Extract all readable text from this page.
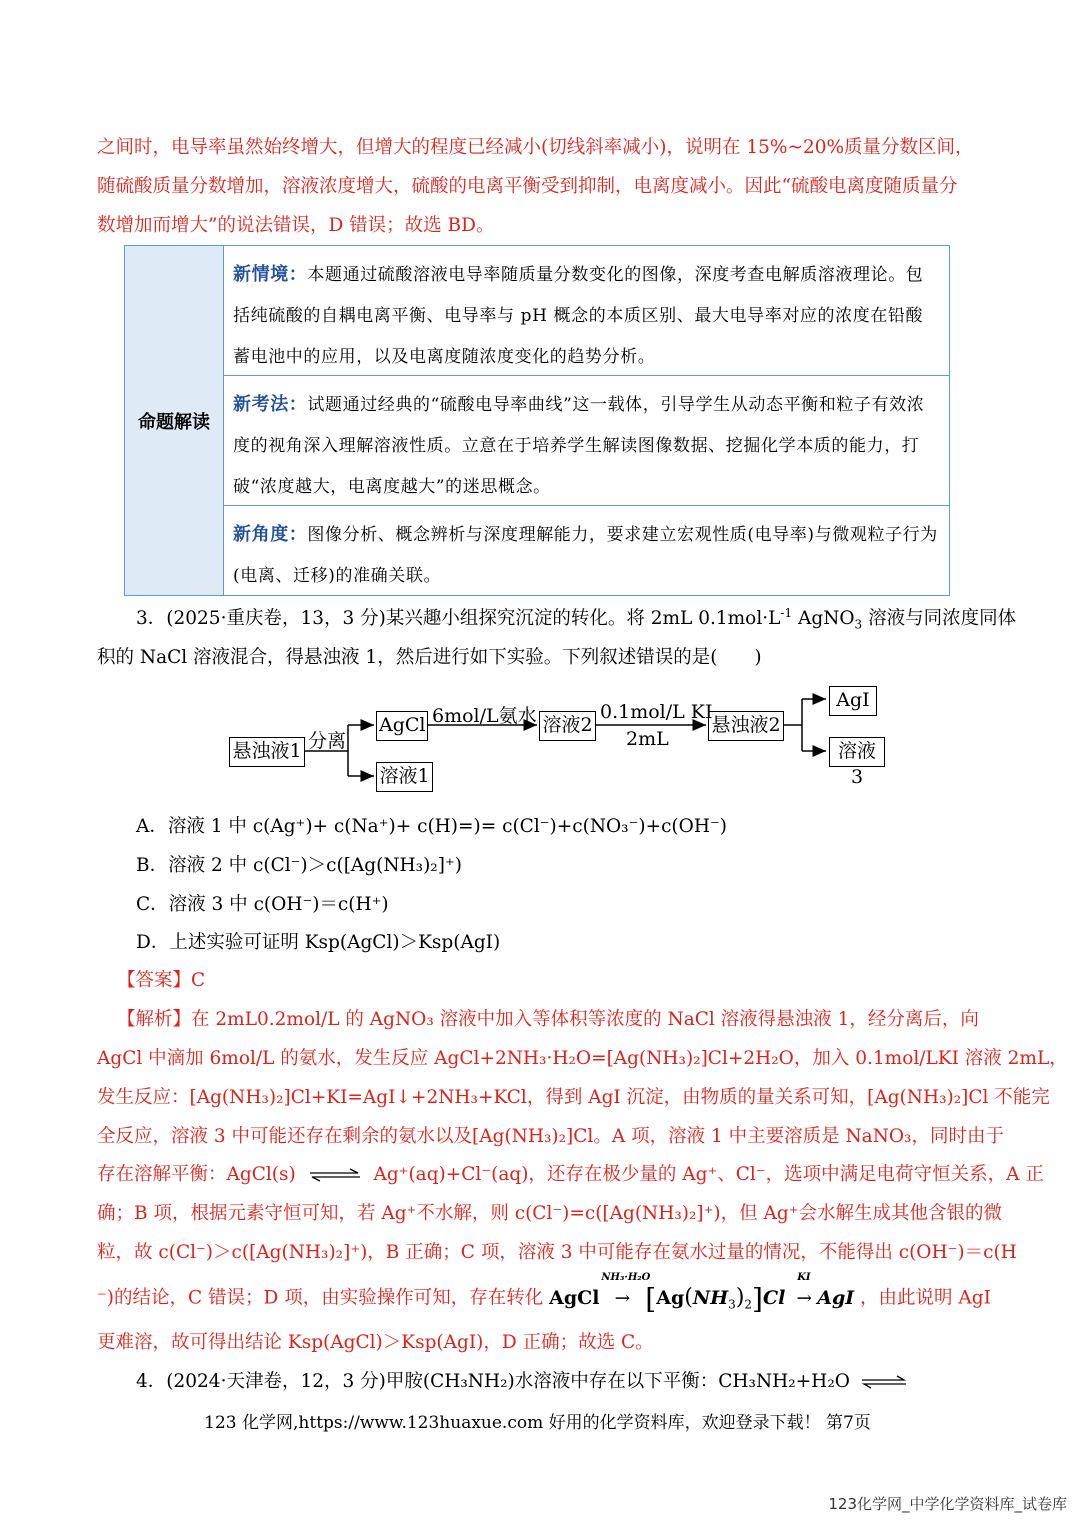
之间时，电导率虽然始终增大，但增大的程度已经减小(切线斜率减小)，说明在 15%~20%质量分数区间，
随硫酸质量分数增加，溶液浓度增大，硫酸的电离平衡受到抑制，电离度减小。因此“硫酸电离度随质量分
数增加而增大”的说法错误，D 错误；故选 BD。
命题解读
新情境：本题通过硫酸溶液电导率随质量分数变化的图像，深度考查电解质溶液理论。包括纯硫酸的自耦电离平衡、电导率与 pH 概念的本质区别、最大电导率对应的浓度在铅酸蓄电池中的应用，以及电离度随浓度变化的趋势分析。
新考法：试题通过经典的“硫酸电导率曲线”这一载体，引导学生从动态平衡和粒子有效浓度的视角深入理解溶液性质。立意在于培养学生解读图像数据、挖掘化学本质的能力，打破“浓度越大，电离度越大”的迷思概念。
新角度：图像分析、概念辨析与深度理解能力，要求建立宏观性质(电导率)与微观粒子行为(电离、迁移)的准确关联。
3．(2025·重庆卷，13，3 分)某兴趣小组探究沉淀的转化。将 2mL $0.1mol\cdot L^{-1}$ AgNO$_3$ 溶液与同浓度同体
积的 NaCl 溶液混合，得悬浊液 1，然后进行如下实验。下列叙述错误的是(　　)
悬浊液1 分离
AgCl 6mol/L氨水 溶液2
0.1mol/L KI
2mL
悬浊液2
AgI
溶液3
溶液1
A．溶液 1 中 c(Ag⁺)+ c(Na⁺)+ c(H)=)= c(Cl⁻)+c(NO₃⁻)+c(OH⁻)
B．溶液 2 中 c(Cl⁻)＞c([Ag(NH₃)₂]⁺)
C．溶液 3 中 c(OH⁻)＝c(H⁺)
D．上述实验可证明 Ksp(AgCl)＞Ksp(AgI)
【答案】C
【解析】在 2mL0.2mol/L 的 AgNO₃ 溶液中加入等体积等浓度的 NaCl 溶液得悬浊液 1，经分离后，向
AgCl 中滴加 6mol/L 的氨水，发生反应 AgCl+2NH₃·H₂O=[Ag(NH₃)₂]Cl+2H₂O，加入 0.1mol/LKI 溶液 2mL，
发生反应：[Ag(NH₃)₂]Cl+KI=AgI↓+2NH₃+KCl，得到 AgI 沉淀，由物质的量关系可知，[Ag(NH₃)₂]Cl 不能完
全反应，溶液 3 中可能还存在剩余的氨水以及[Ag(NH₃)₂]Cl。A 项，溶液 1 中主要溶质是 NaNO₃，同时由于
存在溶解平衡：AgCl(s) ⇌ Ag⁺(aq)+Cl⁻(aq)，还存在极少量的 Ag⁺、Cl⁻，选项中满足电荷守恒关系，A 正
确；B 项，根据元素守恒可知，若 Ag⁺不水解，则 c(Cl⁻)=c([Ag(NH₃)₂]⁺)，但 Ag⁺会水解生成其他含银的微
粒，故 c(Cl⁻)＞c([Ag(NH₃)₂]⁺)，B 正确；C 项，溶液 3 中可能存在氨水过量的情况，不能得出 c(OH⁻)＝c(H
⁻)的结论，C 错误；D 项，由实验操作可知，存在转化 AgCl
NH₃·H₂O
→ $[Ag(NH_3)_2]Cl$
KI
→ AgI ，由此说明 AgI
更难溶，故可得出结论 Ksp(AgCl)＞Ksp(AgI)，D 正确；故选 C。
4．(2024·天津卷，12，3 分)甲胺(CH₃NH₂)水溶液中存在以下平衡：CH₃NH₂+H₂O ⇌
123 化学网,https://www.123huaxue.com 好用的化学资料库，欢迎登录下载！ 第7页
123化学网_中学化学资料库_试卷库
